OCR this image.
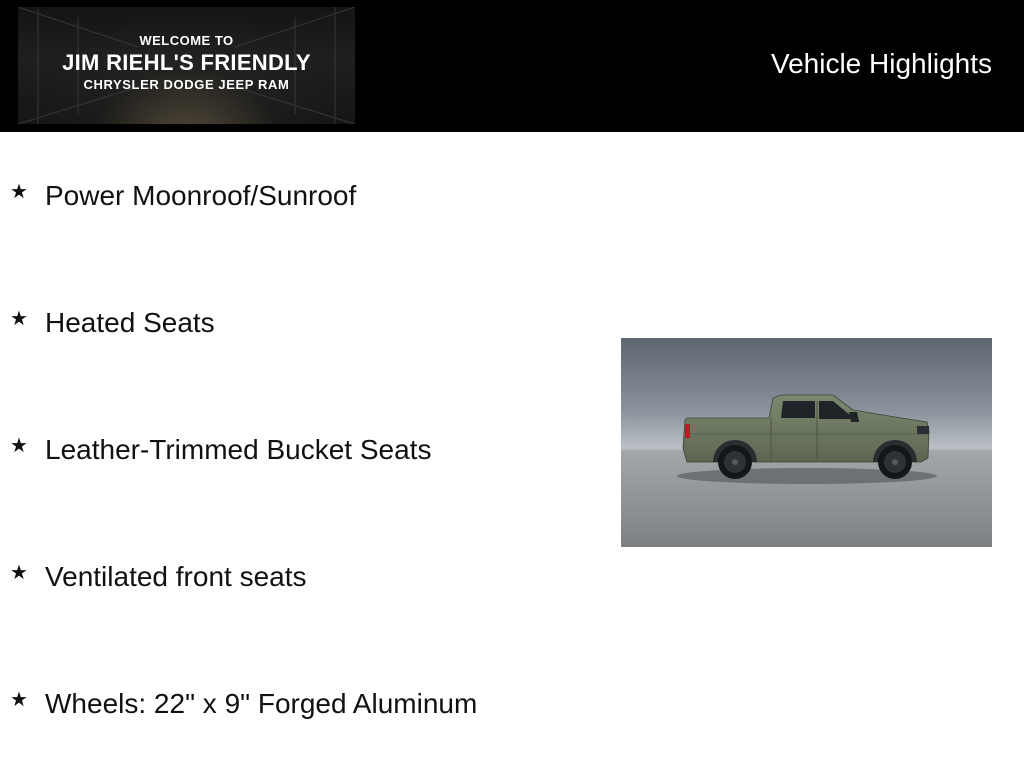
WELCOME TO
JIM RIEHL'S FRIENDLY
CHRYSLER DODGE JEEP RAM
Vehicle Highlights
★ Power Moonroof/Sunroof
★ Heated Seats
★ Leather-Trimmed Bucket Seats
★ Ventilated front seats
★ Wheels: 22" x 9" Forged Aluminum
